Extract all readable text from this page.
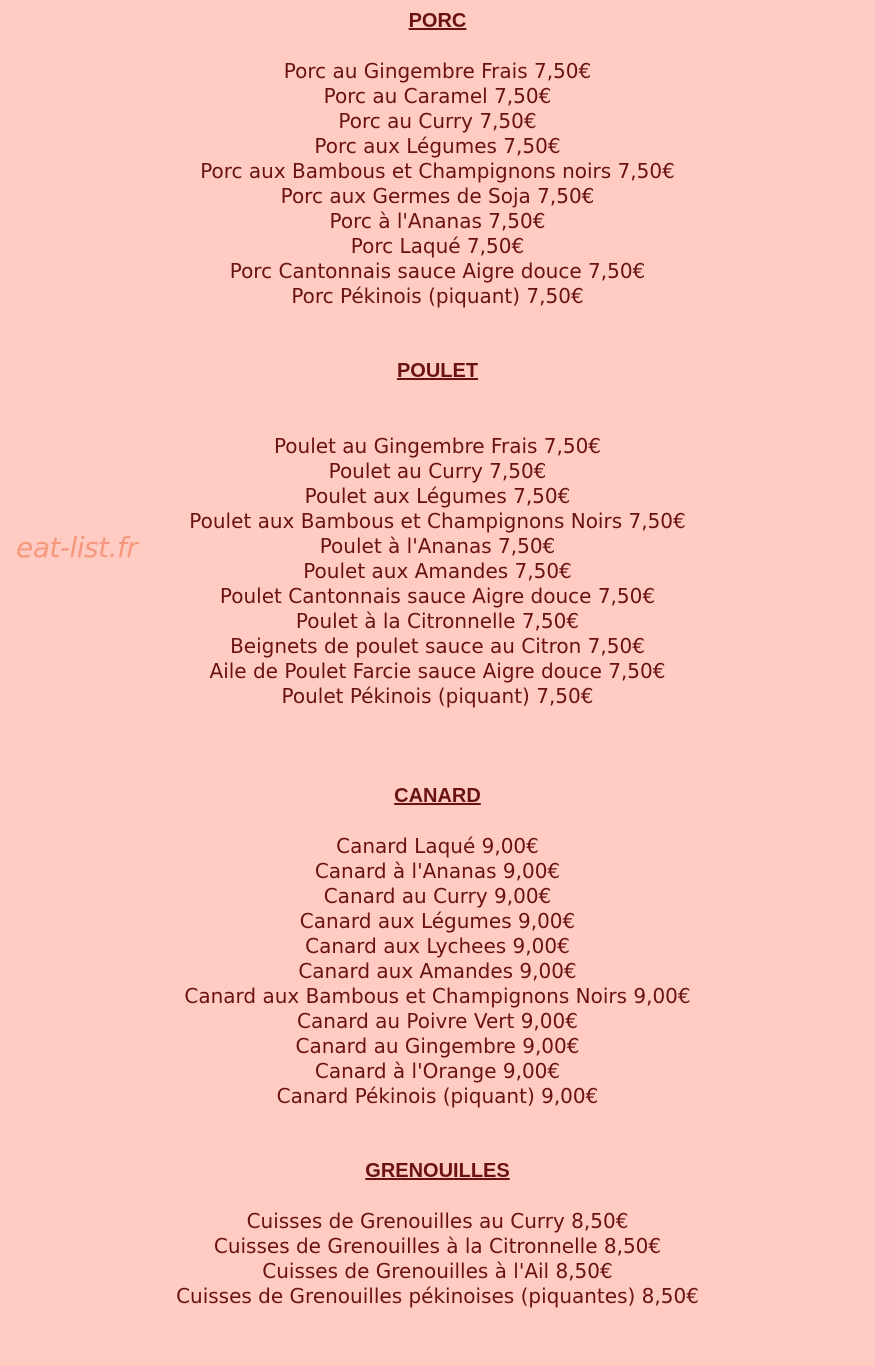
PORC
Porc au Gingembre Frais 7,50€
Porc au Caramel 7,50€
Porc au Curry 7,50€
Porc aux Légumes 7,50€
Porc aux Bambous et Champignons noirs 7,50€
Porc aux Germes de Soja 7,50€
Porc à l'Ananas 7,50€
Porc Laqué 7,50€
Porc Cantonnais sauce Aigre douce 7,50€
Porc Pékinois (piquant) 7,50€
POULET
Poulet au Gingembre Frais 7,50€
Poulet au Curry 7,50€
Poulet aux Légumes 7,50€
Poulet aux Bambous et Champignons Noirs 7,50€
Poulet à l'Ananas 7,50€
Poulet aux Amandes 7,50€
Poulet Cantonnais sauce Aigre douce 7,50€
Poulet à la Citronnelle 7,50€
Beignets de poulet sauce au Citron 7,50€
Aile de Poulet Farcie sauce Aigre douce 7,50€
Poulet Pékinois (piquant) 7,50€
CANARD
Canard Laqué 9,00€
Canard à l'Ananas 9,00€
Canard au Curry 9,00€
Canard aux Légumes 9,00€
Canard aux Lychees 9,00€
Canard aux Amandes 9,00€
Canard aux Bambous et Champignons Noirs 9,00€
Canard au Poivre Vert 9,00€
Canard au Gingembre 9,00€
Canard à l'Orange 9,00€
Canard Pékinois (piquant) 9,00€
GRENOUILLES
Cuisses de Grenouilles au Curry 8,50€
Cuisses de Grenouilles à la Citronnelle 8,50€
Cuisses de Grenouilles à l'Ail 8,50€
Cuisses de Grenouilles pékinoises (piquantes) 8,50€
eat-list.fr
